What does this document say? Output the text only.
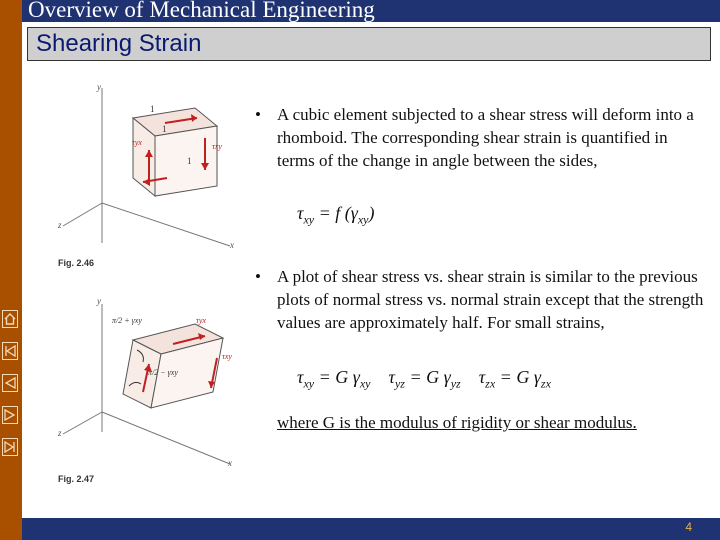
Overview of Mechanical Engineering
Shearing Strain
y
z
x
1
1
1
τxy
τyx
Fig. 2.46
y
z
x
π/2 + γxy
π/2 − γxy
τyx
τxy
Fig. 2.47
• A cubic element subjected to a shear stress will deform into a rhomboid. The corresponding shear strain is quantified in terms of the change in angle between the sides,
$\tau_{xy} = f$ $(\gamma_{xy})$
• A plot of shear stress vs. shear strain is similar to the previous plots of normal stress vs. normal strain except that the strength values are approximately half. For small strains,
$\tau_{xy} = G$ $\gamma_{xy}$ $\tau_{yz} = G$ $\gamma_{yz}$ $\tau_{zx} = G$ $\gamma_{zx}$
where G is the modulus of rigidity or shear modulus.
4
